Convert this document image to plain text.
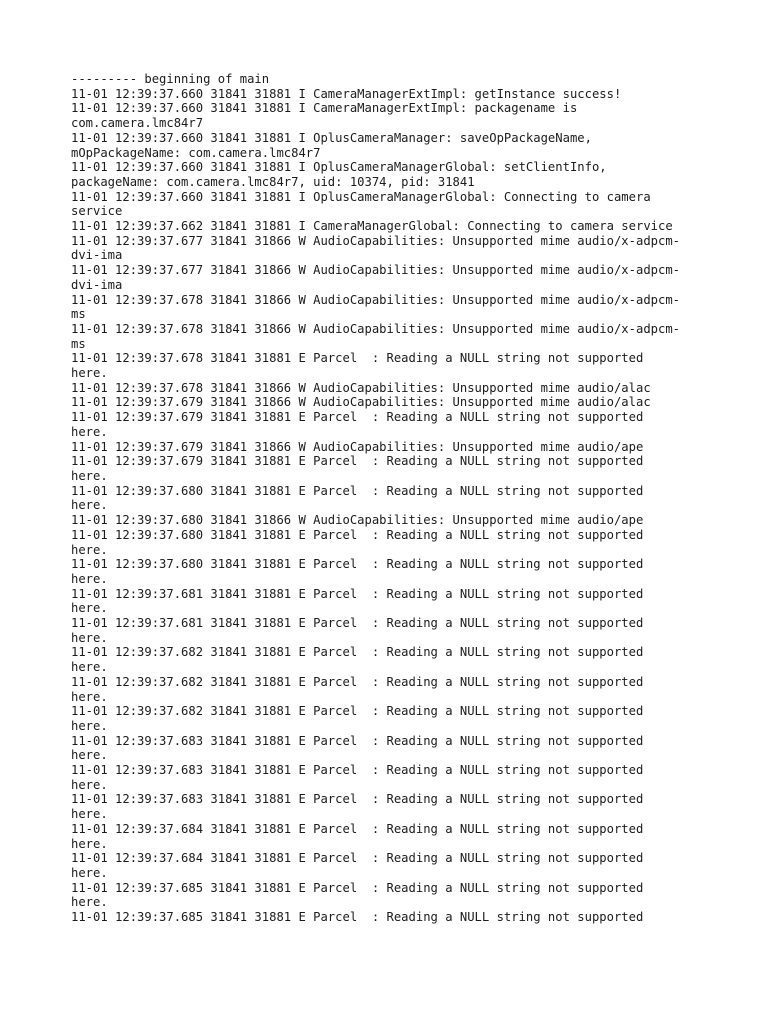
--------- beginning of main
11-01 12:39:37.660 31841 31881 I CameraManagerExtImpl: getInstance success!
11-01 12:39:37.660 31841 31881 I CameraManagerExtImpl: packagename is
com.camera.lmc84r7
11-01 12:39:37.660 31841 31881 I OplusCameraManager: saveOpPackageName,
mOpPackageName: com.camera.lmc84r7
11-01 12:39:37.660 31841 31881 I OplusCameraManagerGlobal: setClientInfo,
packageName: com.camera.lmc84r7, uid: 10374, pid: 31841
11-01 12:39:37.660 31841 31881 I OplusCameraManagerGlobal: Connecting to camera
service
11-01 12:39:37.662 31841 31881 I CameraManagerGlobal: Connecting to camera service
11-01 12:39:37.677 31841 31866 W AudioCapabilities: Unsupported mime audio/x-adpcm-
dvi-ima
11-01 12:39:37.677 31841 31866 W AudioCapabilities: Unsupported mime audio/x-adpcm-
dvi-ima
11-01 12:39:37.678 31841 31866 W AudioCapabilities: Unsupported mime audio/x-adpcm-
ms
11-01 12:39:37.678 31841 31866 W AudioCapabilities: Unsupported mime audio/x-adpcm-
ms
11-01 12:39:37.678 31841 31881 E Parcel  : Reading a NULL string not supported
here.
11-01 12:39:37.678 31841 31866 W AudioCapabilities: Unsupported mime audio/alac
11-01 12:39:37.679 31841 31866 W AudioCapabilities: Unsupported mime audio/alac
11-01 12:39:37.679 31841 31881 E Parcel  : Reading a NULL string not supported
here.
11-01 12:39:37.679 31841 31866 W AudioCapabilities: Unsupported mime audio/ape
11-01 12:39:37.679 31841 31881 E Parcel  : Reading a NULL string not supported
here.
11-01 12:39:37.680 31841 31881 E Parcel  : Reading a NULL string not supported
here.
11-01 12:39:37.680 31841 31866 W AudioCapabilities: Unsupported mime audio/ape
11-01 12:39:37.680 31841 31881 E Parcel  : Reading a NULL string not supported
here.
11-01 12:39:37.680 31841 31881 E Parcel  : Reading a NULL string not supported
here.
11-01 12:39:37.681 31841 31881 E Parcel  : Reading a NULL string not supported
here.
11-01 12:39:37.681 31841 31881 E Parcel  : Reading a NULL string not supported
here.
11-01 12:39:37.682 31841 31881 E Parcel  : Reading a NULL string not supported
here.
11-01 12:39:37.682 31841 31881 E Parcel  : Reading a NULL string not supported
here.
11-01 12:39:37.682 31841 31881 E Parcel  : Reading a NULL string not supported
here.
11-01 12:39:37.683 31841 31881 E Parcel  : Reading a NULL string not supported
here.
11-01 12:39:37.683 31841 31881 E Parcel  : Reading a NULL string not supported
here.
11-01 12:39:37.683 31841 31881 E Parcel  : Reading a NULL string not supported
here.
11-01 12:39:37.684 31841 31881 E Parcel  : Reading a NULL string not supported
here.
11-01 12:39:37.684 31841 31881 E Parcel  : Reading a NULL string not supported
here.
11-01 12:39:37.685 31841 31881 E Parcel  : Reading a NULL string not supported
here.
11-01 12:39:37.685 31841 31881 E Parcel  : Reading a NULL string not supported
